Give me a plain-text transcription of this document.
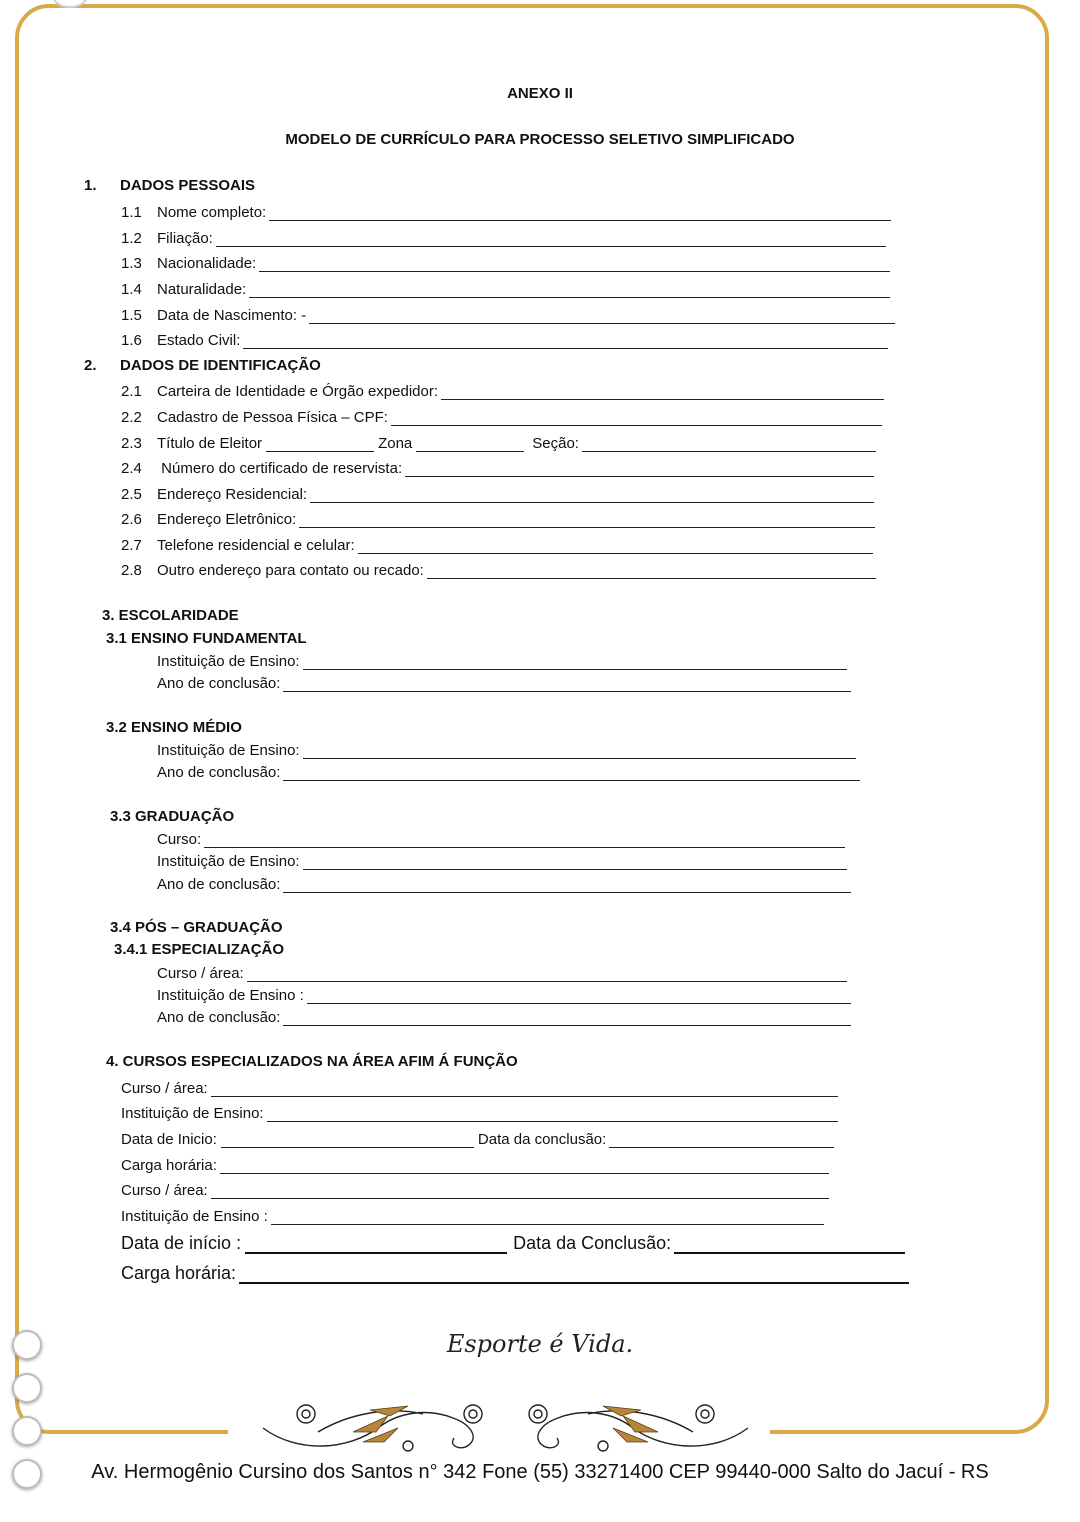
ANEXO II
MODELO DE CURRÍCULO PARA PROCESSO SELETIVO SIMPLIFICADO
1. DADOS PESSOAIS
1.1	Nome completo:
1.2	Filiação:
1.3	Nacionalidade:
1.4	Naturalidade:
1.5	Data de Nascimento: -
1.6	Estado Civil:
2. DADOS DE IDENTIFICAÇÃO
2.1	Carteira de Identidade e Órgão expedidor:
2.2	Cadastro de Pessoa Física – CPF:
2.3	Título de Eleitor	Zona	Seção:
2.4	Número do certificado de reservista:
2.5	Endereço Residencial:
2.6	Endereço Eletrônico:
2.7	Telefone residencial e celular:
2.8	Outro endereço para contato ou recado:
3. ESCOLARIDADE
3.1 ENSINO FUNDAMENTAL
Instituição de Ensino:
Ano de conclusão:
3.2 ENSINO MÉDIO
Instituição de Ensino:
Ano de conclusão:
3.3 GRADUAÇÃO
Curso:
Instituição de Ensino:
Ano de conclusão:
3.4 PÓS – GRADUAÇÃO
3.4.1 ESPECIALIZAÇÃO
Curso / área:
Instituição de Ensino :
Ano de conclusão:
4. CURSOS ESPECIALIZADOS NA ÁREA AFIM Á FUNÇÃO
Curso / área:
Instituição de Ensino:
Data de Inicio:	Data da conclusão:
Carga horária:
Curso / área:
Instituição de Ensino :
Data de início :	Data da Conclusão:
Carga horária:
Esporte é Vida.
Av. Hermogênio Cursino dos Santos n° 342 Fone (55) 33271400 CEP 99440-000 Salto do Jacuí - RS
